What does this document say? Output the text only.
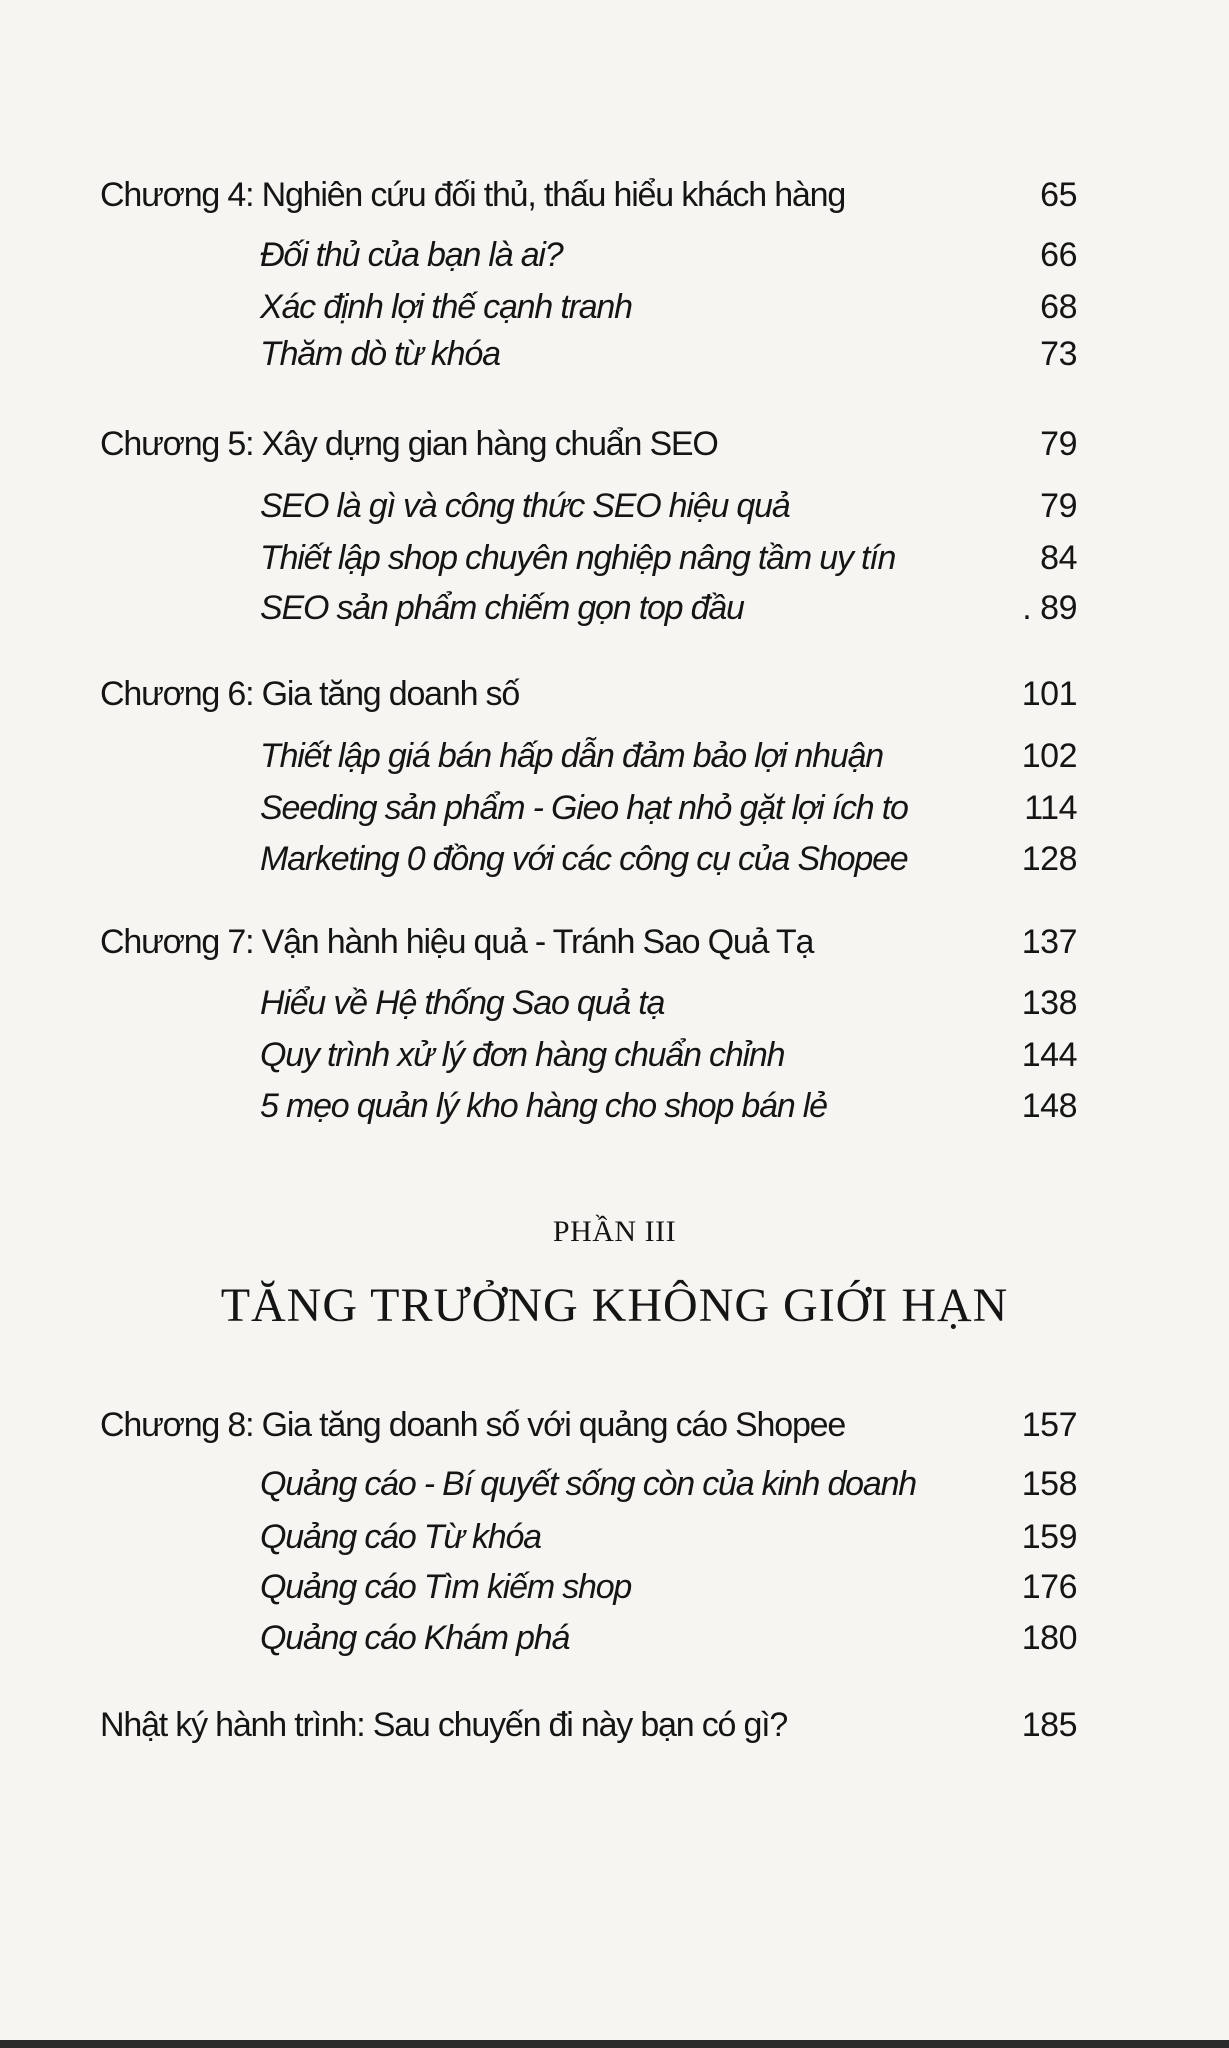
Chương 4: Nghiên cứu đối thủ, thấu hiểu khách hàng	65
Đối thủ của bạn là ai?	66
Xác định lợi thế cạnh tranh	68
Thăm dò từ khóa	73
Chương 5: Xây dựng gian hàng chuẩn SEO	79
SEO là gì và công thức SEO hiệu quả	79
Thiết lập shop chuyên nghiệp nâng tầm uy tín	84
SEO sản phẩm chiếm gọn top đầu	. 89
Chương 6: Gia tăng doanh số	101
Thiết lập giá bán hấp dẫn đảm bảo lợi nhuận	102
Seeding sản phẩm - Gieo hạt nhỏ gặt lợi ích to	114
Marketing 0 đồng với các công cụ của Shopee	128
Chương 7: Vận hành hiệu quả - Tránh Sao Quả Tạ	137
Hiểu về Hệ thống Sao quả tạ	138
Quy trình xử lý đơn hàng chuẩn chỉnh	144
5 mẹo quản lý kho hàng cho shop bán lẻ	148
PHẦN III
TĂNG TRƯỞNG KHÔNG GIỚI HẠN
Chương 8: Gia tăng doanh số với quảng cáo Shopee	157
Quảng cáo - Bí quyết sống còn của kinh doanh	158
Quảng cáo Từ khóa	159
Quảng cáo Tìm kiếm shop	176
Quảng cáo Khám phá	180
Nhật ký hành trình: Sau chuyến đi này bạn có gì?	185
